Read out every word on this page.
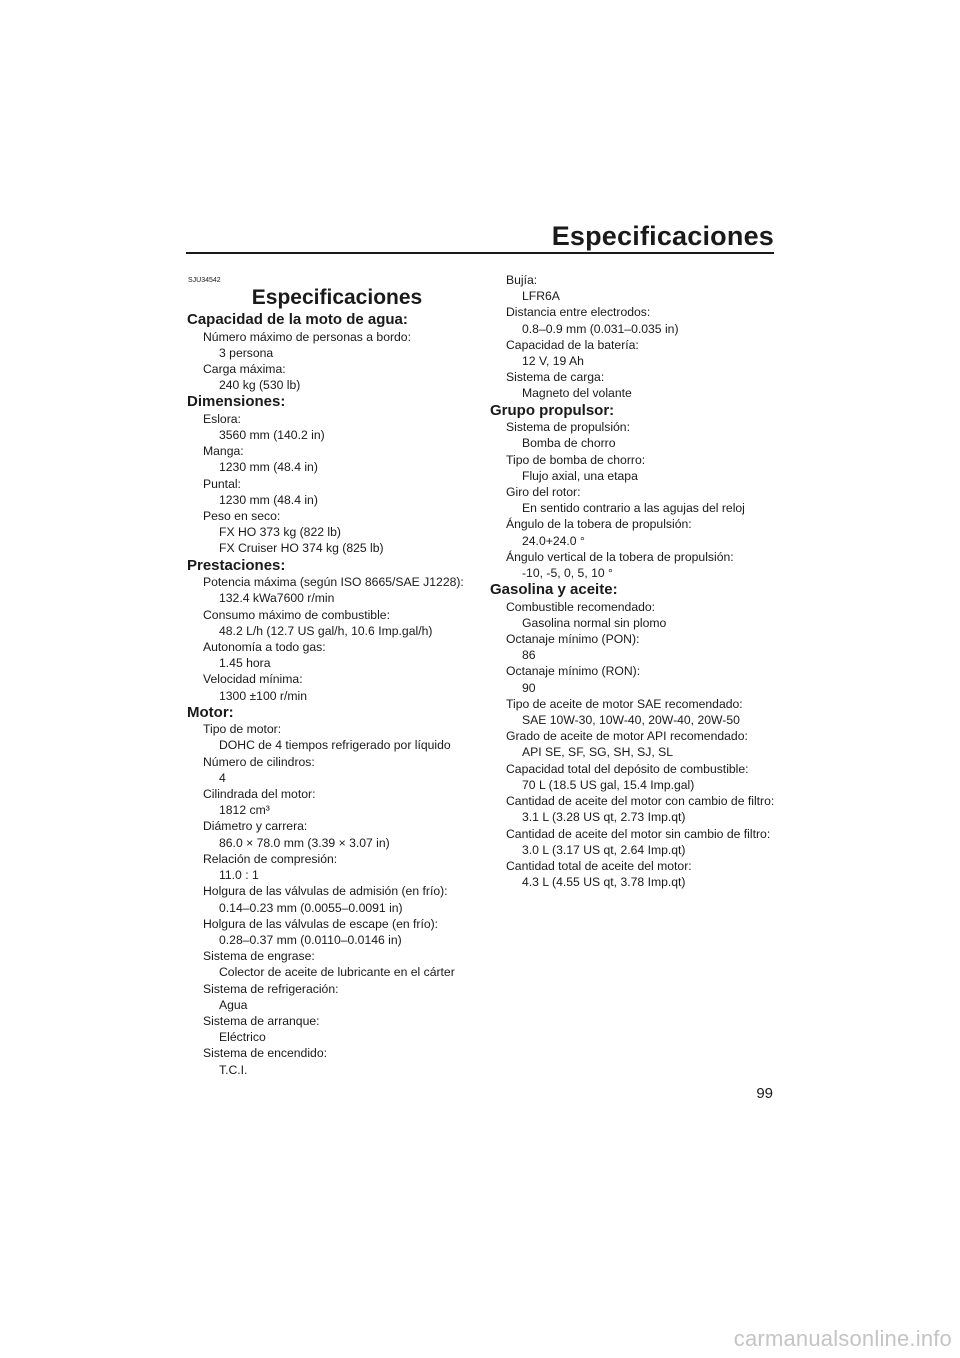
Especificaciones
SJU34542
Especificaciones
Capacidad de la moto de agua:
Número máximo de personas a bordo:
3 persona
Carga máxima:
240 kg (530 lb)
Dimensiones:
Eslora:
3560 mm (140.2 in)
Manga:
1230 mm (48.4 in)
Puntal:
1230 mm (48.4 in)
Peso en seco:
FX HO 373 kg (822 lb)
FX Cruiser HO 374 kg (825 lb)
Prestaciones:
Potencia máxima (según ISO 8665/SAE J1228):
132.4 kWa7600 r/min
Consumo máximo de combustible:
48.2 L/h (12.7 US gal/h, 10.6 Imp.gal/h)
Autonomía a todo gas:
1.45 hora
Velocidad mínima:
1300 ±100 r/min
Motor:
Tipo de motor:
DOHC de 4 tiempos refrigerado por líquido
Número de cilindros:
4
Cilindrada del motor:
1812 cm³
Diámetro y carrera:
86.0 × 78.0 mm (3.39 × 3.07 in)
Relación de compresión:
11.0 : 1
Holgura de las válvulas de admisión (en frío):
0.14–0.23 mm (0.0055–0.0091 in)
Holgura de las válvulas de escape (en frío):
0.28–0.37 mm (0.0110–0.0146 in)
Sistema de engrase:
Colector de aceite de lubricante en el cárter
Sistema de refrigeración:
Agua
Sistema de arranque:
Eléctrico
Sistema de encendido:
T.C.I.
Bujía:
LFR6A
Distancia entre electrodos:
0.8–0.9 mm (0.031–0.035 in)
Capacidad de la batería:
12 V, 19 Ah
Sistema de carga:
Magneto del volante
Grupo propulsor:
Sistema de propulsión:
Bomba de chorro
Tipo de bomba de chorro:
Flujo axial, una etapa
Giro del rotor:
En sentido contrario a las agujas del reloj
Ángulo de la tobera de propulsión:
24.0+24.0 °
Ángulo vertical de la tobera de propulsión:
-10, -5, 0, 5, 10 °
Gasolina y aceite:
Combustible recomendado:
Gasolina normal sin plomo
Octanaje mínimo (PON):
86
Octanaje mínimo (RON):
90
Tipo de aceite de motor SAE recomendado:
SAE 10W-30, 10W-40, 20W-40, 20W-50
Grado de aceite de motor API recomendado:
API SE, SF, SG, SH, SJ, SL
Capacidad total del depósito de combustible:
70 L (18.5 US gal, 15.4 Imp.gal)
Cantidad de aceite del motor con cambio de filtro:
3.1 L (3.28 US qt, 2.73 Imp.qt)
Cantidad de aceite del motor sin cambio de filtro:
3.0 L (3.17 US qt, 2.64 Imp.qt)
Cantidad total de aceite del motor:
4.3 L (4.55 US qt, 3.78 Imp.qt)
99
carmanualsonline.info
